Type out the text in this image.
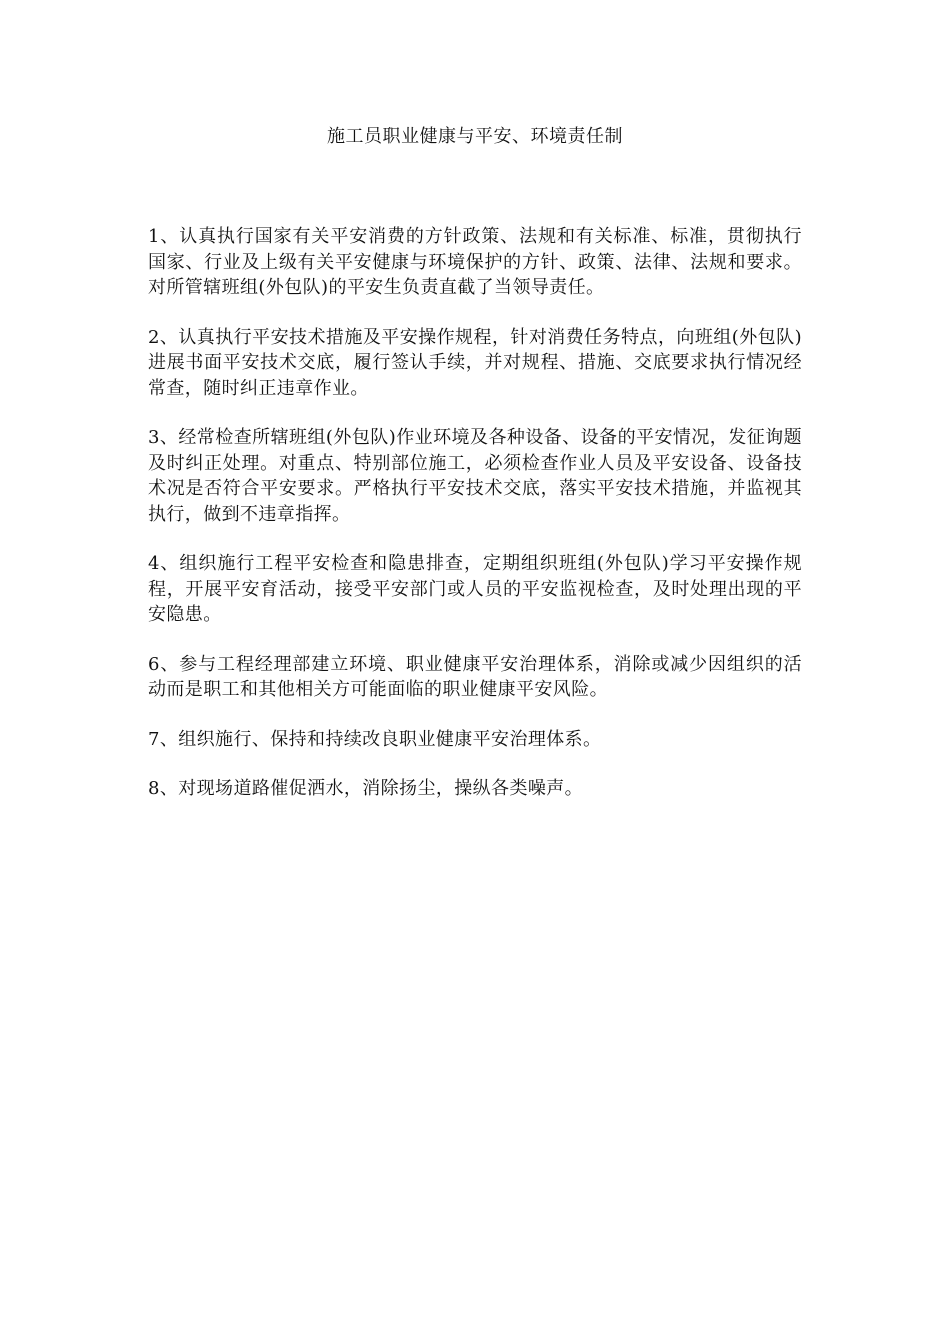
施工员职业健康与平安、环境责任制

1、认真执行国家有关平安消费的方针政策、法规和有关标准、标准，贯彻执行国家、行业及上级有关平安健康与环境保护的方针、政策、法律、法规和要求。对所管辖班组(外包队)的平安生负责直截了当领导责任。

2、认真执行平安技术措施及平安操作规程，针对消费任务特点，向班组(外包队)进展书面平安技术交底，履行签认手续，并对规程、措施、交底要求执行情况经常查，随时纠正违章作业。

3、经常检查所辖班组(外包队)作业环境及各种设备、设备的平安情况，发征询题及时纠正处理。对重点、特别部位施工，必须检查作业人员及平安设备、设备技术况是否符合平安要求。严格执行平安技术交底，落实平安技术措施，并监视其执行，做到不违章指挥。

4、组织施行工程平安检查和隐患排查，定期组织班组(外包队)学习平安操作规程，开展平安育活动，接受平安部门或人员的平安监视检查，及时处理出现的平安隐患。

6、参与工程经理部建立环境、职业健康平安治理体系，消除或减少因组织的活动而是职工和其他相关方可能面临的职业健康平安风险。

7、组织施行、保持和持续改良职业健康平安治理体系。

8、对现场道路催促洒水，消除扬尘，操纵各类噪声。
